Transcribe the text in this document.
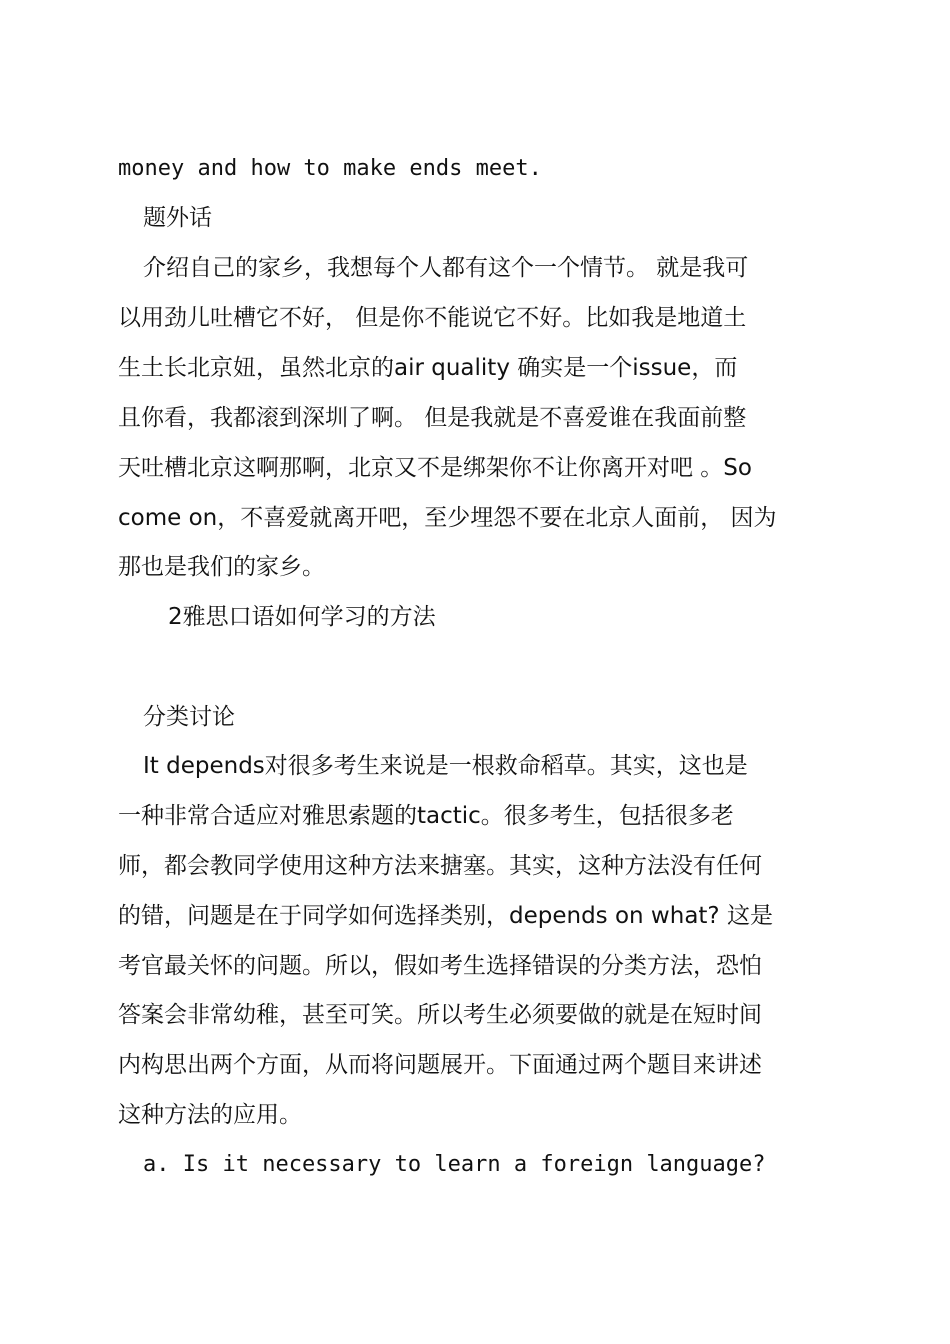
money and how to make ends meet.
题外话
介绍自己的家乡，我想每个人都有这个一个情节。 就是我可
以用劲儿吐槽它不好， 但是你不能说它不好。比如我是地道土
生土长北京妞，虽然北京的air quality 确实是一个issue，而
且你看，我都滚到深圳了啊。 但是我就是不喜爱谁在我面前整
天吐槽北京这啊那啊，北京又不是绑架你不让你离开对吧 。So
come on，不喜爱就离开吧，至少埋怨不要在北京人面前， 因为
那也是我们的家乡。
2雅思口语如何学习的方法
分类讨论
It depends对很多考生来说是一根救命稻草。其实，这也是
一种非常合适应对雅思索题的tactic。很多考生，包括很多老
师，都会教同学使用这种方法来搪塞。其实，这种方法没有任何
的错，问题是在于同学如何选择类别，depends on what? 这是
考官最关怀的问题。所以，假如考生选择错误的分类方法，恐怕
答案会非常幼稚，甚至可笑。所以考生必须要做的就是在短时间
内构思出两个方面，从而将问题展开。下面通过两个题目来讲述
这种方法的应用。
a. Is it necessary to learn a foreign language?
